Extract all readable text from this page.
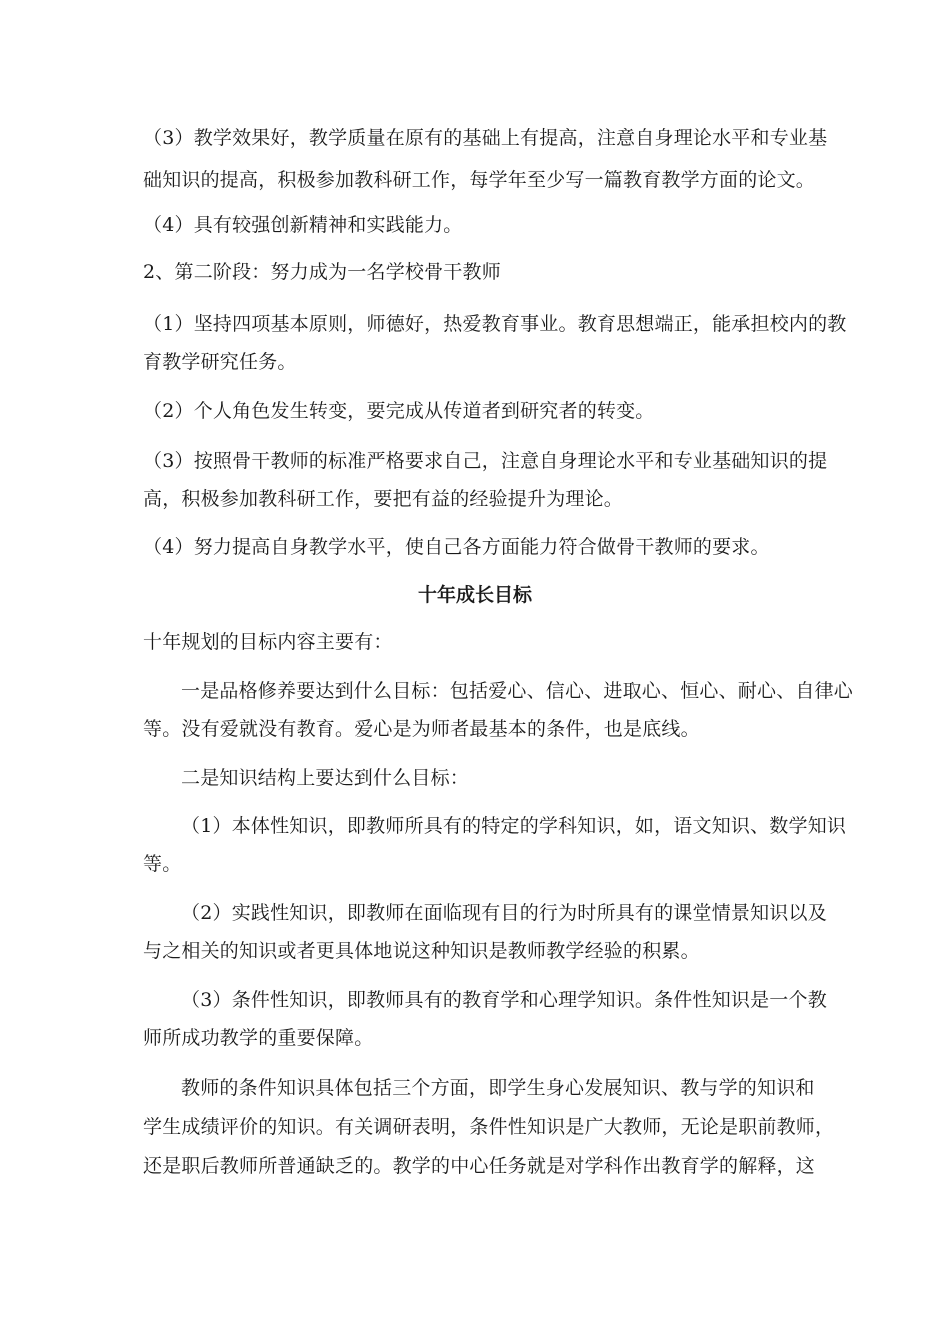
（3）教学效果好，教学质量在原有的基础上有提高，注意自身理论水平和专业基
础知识的提高，积极参加教科研工作，每学年至少写一篇教育教学方面的论文。
（4）具有较强创新精神和实践能力。
2、第二阶段：努力成为一名学校骨干教师
（1）坚持四项基本原则，师德好，热爱教育事业。教育思想端正，能承担校内的教
育教学研究任务。
（2）个人角色发生转变，要完成从传道者到研究者的转变。
（3）按照骨干教师的标准严格要求自己，注意自身理论水平和专业基础知识的提
高，积极参加教科研工作，要把有益的经验提升为理论。
（4）努力提高自身教学水平，使自己各方面能力符合做骨干教师的要求。
十年成长目标
十年规划的目标内容主要有：
一是品格修养要达到什么目标：包括爱心、信心、进取心、恒心、耐心、自律心
等。没有爱就没有教育。爱心是为师者最基本的条件，也是底线。
二是知识结构上要达到什么目标：
（1）本体性知识，即教师所具有的特定的学科知识，如，语文知识、数学知识
等。
（2）实践性知识，即教师在面临现有目的行为时所具有的课堂情景知识以及
与之相关的知识或者更具体地说这种知识是教师教学经验的积累。
（3）条件性知识，即教师具有的教育学和心理学知识。条件性知识是一个教
师所成功教学的重要保障。
教师的条件知识具体包括三个方面，即学生身心发展知识、教与学的知识和
学生成绩评价的知识。有关调研表明，条件性知识是广大教师，无论是职前教师，
还是职后教师所普通缺乏的。教学的中心任务就是对学科作出教育学的解释，这
